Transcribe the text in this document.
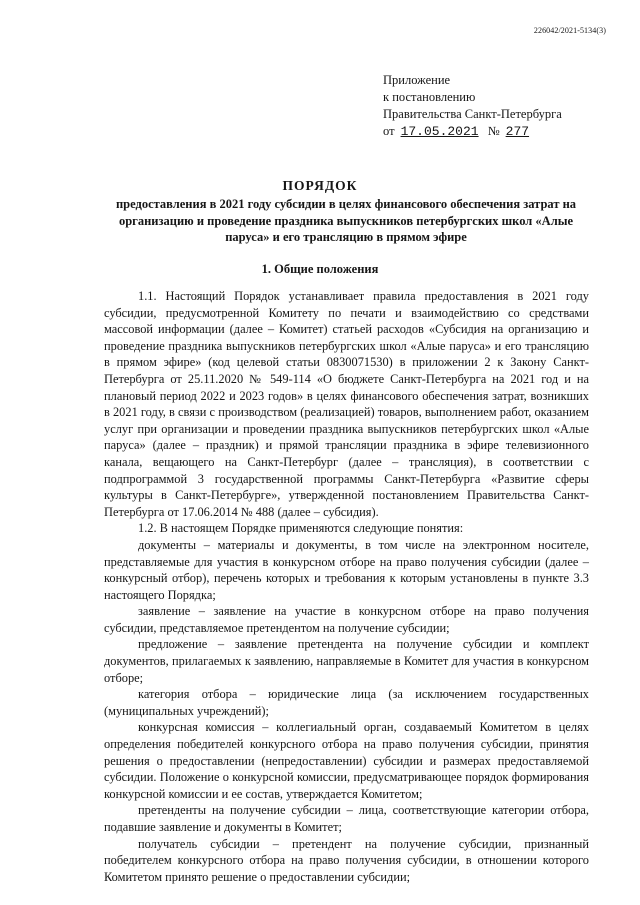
226042/2021-5134(3)
Приложение
к постановлению
Правительства Санкт-Петербурга
от 17.05.2021 № 277
ПОРЯДОК
предоставления в 2021 году субсидии в целях финансового обеспечения затрат на организацию и проведение праздника выпускников петербургских школ «Алые паруса» и его трансляцию в прямом эфире
1. Общие положения

1.1. Настоящий Порядок устанавливает правила предоставления в 2021 году субсидии, предусмотренной Комитету по печати и взаимодействию со средствами массовой информации (далее – Комитет) статьей расходов «Субсидия на организацию и проведение праздника выпускников петербургских школ «Алые паруса» и его трансляцию в прямом эфире» (код целевой статьи 0830071530) в приложении 2 к Закону Санкт-Петербурга от 25.11.2020 № 549-114 «О бюджете Санкт-Петербурга на 2021 год и на плановый период 2022 и 2023 годов» в целях финансового обеспечения затрат, возникших в 2021 году, в связи с производством (реализацией) товаров, выполнением работ, оказанием услуг при организации и проведении праздника выпускников петербургских школ «Алые паруса» (далее – праздник) и прямой трансляции праздника в эфире телевизионного канала, вещающего на Санкт-Петербург (далее – трансляция), в соответствии с подпрограммой 3 государственной программы Санкт-Петербурга «Развитие сферы культуры в Санкт-Петербурге», утвержденной постановлением Правительства Санкт-Петербурга от 17.06.2014 № 488 (далее – субсидия).

1.2. В настоящем Порядке применяются следующие понятия:

документы – материалы и документы, в том числе на электронном носителе, представляемые для участия в конкурсном отборе на право получения субсидии (далее – конкурсный отбор), перечень которых и требования к которым установлены в пункте 3.3 настоящего Порядка;

заявление – заявление на участие в конкурсном отборе на право получения субсидии, представляемое претендентом на получение субсидии;

предложение – заявление претендента на получение субсидии и комплект документов, прилагаемых к заявлению, направляемые в Комитет для участия в конкурсном отборе;

категория отбора – юридические лица (за исключением государственных (муниципальных учреждений);

конкурсная комиссия – коллегиальный орган, создаваемый Комитетом в целях определения победителей конкурсного отбора на право получения субсидии, принятия решения о предоставлении (непредоставлении) субсидии и размерах предоставляемой субсидии. Положение о конкурсной комиссии, предусматривающее порядок формирования конкурсной комиссии и ее состав, утверждается Комитетом;

претенденты на получение субсидии – лица, соответствующие категории отбора, подавшие заявление и документы в Комитет;

получатель субсидии – претендент на получение субсидии, признанный победителем конкурсного отбора на право получения субсидии, в отношении которого Комитетом принято решение о предоставлении субсидии;
